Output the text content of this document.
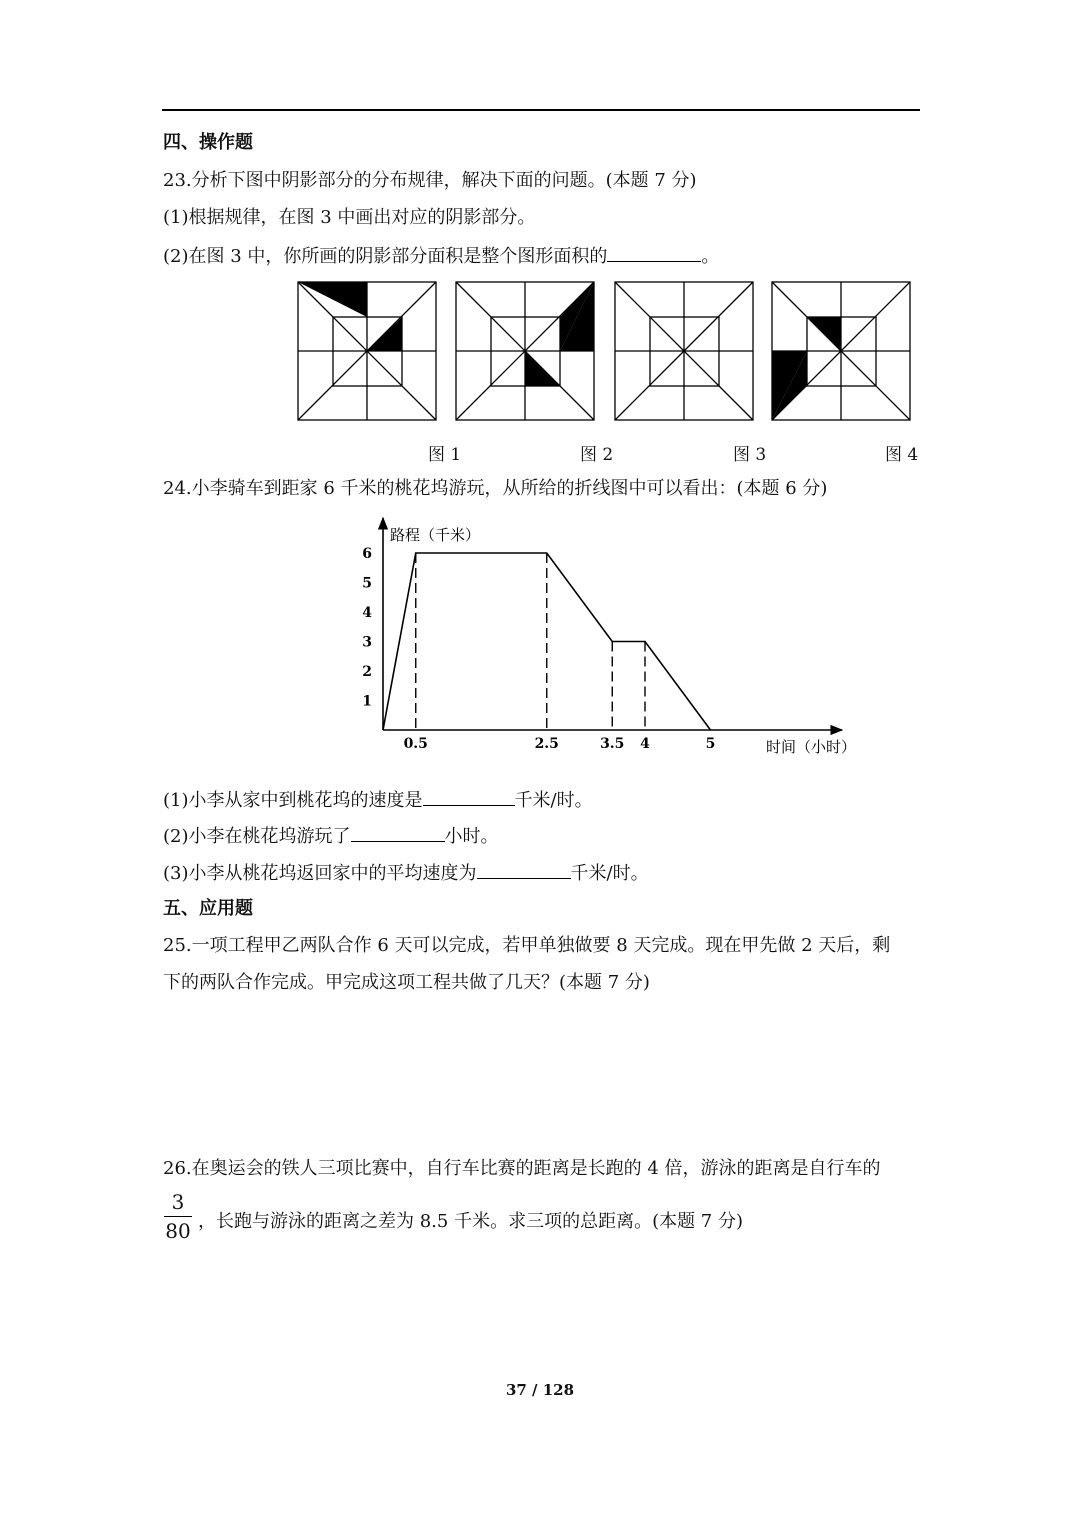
四、操作题
23.分析下图中阴影部分的分布规律，解决下面的问题。(本题 7 分)
(1)根据规律，在图 3 中画出对应的阴影部分。
(2)在图 3 中，你所画的阴影部分面积是整个图形面积的	。
图 1	图 2	图 3	图 4
24.小李骑车到距家 6 千米的桃花坞游玩，从所给的折线图中可以看出：(本题 6 分)
路程（千米）
时间（小时）
1
2
3
4
5
6
0.5	2.5	3.5 4	5
(1)小李从家中到桃花坞的速度是	千米/时。
(2)小李在桃花坞游玩了	小时。
(3)小李从桃花坞返回家中的平均速度为	千米/时。
五、应用题
25.一项工程甲乙两队合作 6 天可以完成，若甲单独做要 8 天完成。现在甲先做 2 天后，剩
下的两队合作完成。甲完成这项工程共做了几天？(本题 7 分)
26.在奥运会的铁人三项比赛中，自行车比赛的距离是长跑的 4 倍，游泳的距离是自行车的
3
80 ，长跑与游泳的距离之差为 8.5 千米。求三项的总距离。(本题 7 分)
37 / 128
